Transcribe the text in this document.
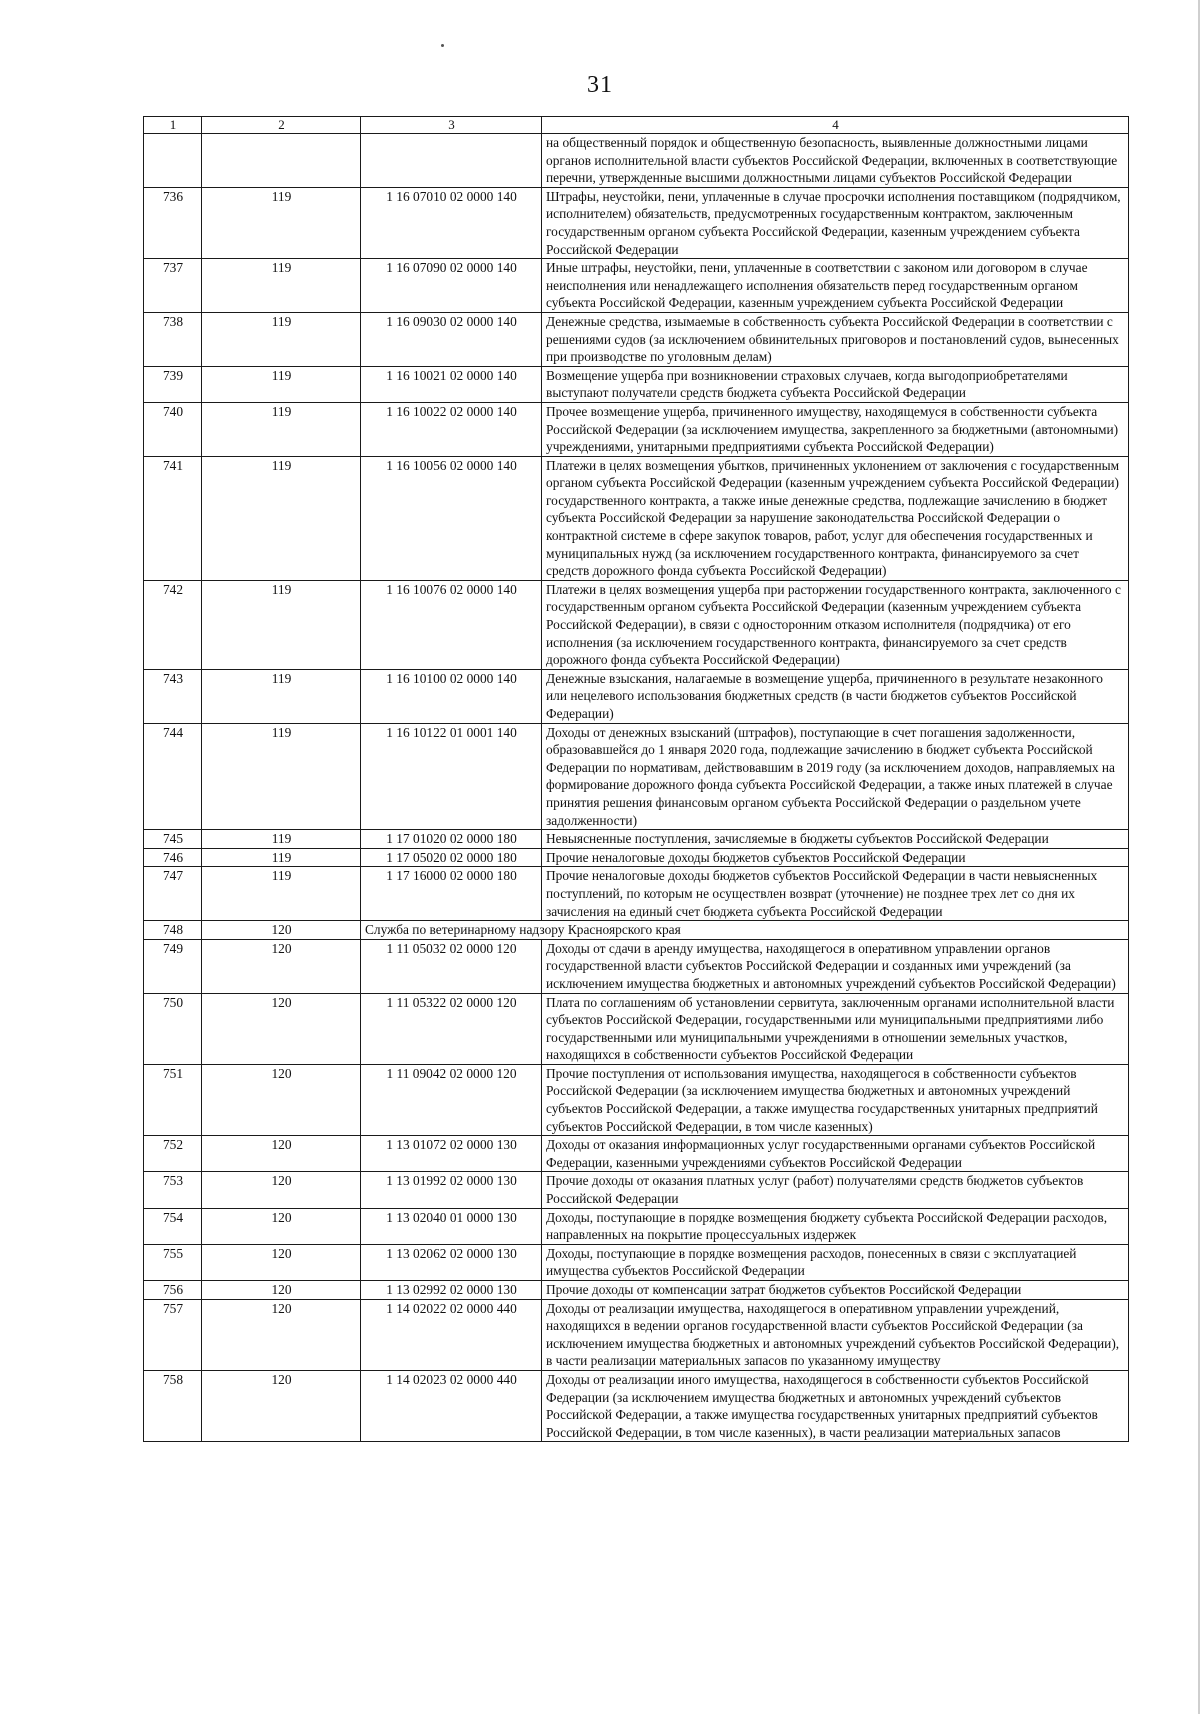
31
1	2	3	4
			на общественный порядок и общественную безопасность, выявленные должностными лицами органов исполнительной власти субъектов Российской Федерации, включенных в соответствующие перечни, утвержденные высшими должностными лицами субъектов Российской Федерации
736	119	1 16 07010 02 0000 140	Штрафы, неустойки, пени, уплаченные в случае просрочки исполнения поставщиком (подрядчиком, исполнителем) обязательств, предусмотренных государственным контрактом, заключенным государственным органом субъекта Российской Федерации, казенным учреждением субъекта Российской Федерации
737	119	1 16 07090 02 0000 140	Иные штрафы, неустойки, пени, уплаченные в соответствии с законом или договором в случае неисполнения или ненадлежащего исполнения обязательств перед государственным органом субъекта Российской Федерации, казенным учреждением субъекта Российской Федерации
738	119	1 16 09030 02 0000 140	Денежные средства, изымаемые в собственность субъекта Российской Федерации в соответствии с решениями судов (за исключением обвинительных приговоров и постановлений судов, вынесенных при производстве по уголовным делам)
739	119	1 16 10021 02 0000 140	Возмещение ущерба при возникновении страховых случаев, когда выгодоприобретателями выступают получатели средств бюджета субъекта Российской Федерации
740	119	1 16 10022 02 0000 140	Прочее возмещение ущерба, причиненного имуществу, находящемуся в собственности субъекта Российской Федерации (за исключением имущества, закрепленного за бюджетными (автономными) учреждениями, унитарными предприятиями субъекта Российской Федерации)
741	119	1 16 10056 02 0000 140	Платежи в целях возмещения убытков, причиненных уклонением от заключения с государственным органом субъекта Российской Федерации (казенным учреждением субъекта Российской Федерации) государственного контракта, а также иные денежные средства, подлежащие зачислению в бюджет субъекта Российской Федерации за нарушение законодательства Российской Федерации о контрактной системе в сфере закупок товаров, работ, услуг для обеспечения государственных и муниципальных нужд (за исключением государственного контракта, финансируемого за счет средств дорожного фонда субъекта Российской Федерации)
742	119	1 16 10076 02 0000 140	Платежи в целях возмещения ущерба при расторжении государственного контракта, заключенного с государственным органом субъекта Российской Федерации (казенным учреждением субъекта Российской Федерации), в связи с односторонним отказом исполнителя (подрядчика) от его исполнения (за исключением государственного контракта, финансируемого за счет средств дорожного фонда субъекта Российской Федерации)
743	119	1 16 10100 02 0000 140	Денежные взыскания, налагаемые в возмещение ущерба, причиненного в результате незаконного или нецелевого использования бюджетных средств (в части бюджетов субъектов Российской Федерации)
744	119	1 16 10122 01 0001 140	Доходы от денежных взысканий (штрафов), поступающие в счет погашения задолженности, образовавшейся до 1 января 2020 года, подлежащие зачислению в бюджет субъекта Российской Федерации по нормативам, действовавшим в 2019 году (за исключением доходов, направляемых на формирование дорожного фонда субъекта Российской Федерации, а также иных платежей в случае принятия решения финансовым органом субъекта Российской Федерации о раздельном учете задолженности)
745	119	1 17 01020 02 0000 180	Невыясненные поступления, зачисляемые в бюджеты субъектов Российской Федерации
746	119	1 17 05020 02 0000 180	Прочие неналоговые доходы бюджетов субъектов Российской Федерации
747	119	1 17 16000 02 0000 180	Прочие неналоговые доходы бюджетов субъектов Российской Федерации в части невыясненных поступлений, по которым не осуществлен возврат (уточнение) не позднее трех лет со дня их зачисления на единый счет бюджета субъекта Российской Федерации
748	120	Служба по ветеринарному надзору Красноярского края	
749	120	1 11 05032 02 0000 120	Доходы от сдачи в аренду имущества, находящегося в оперативном управлении органов государственной власти субъектов Российской Федерации и созданных ими учреждений (за исключением имущества бюджетных и автономных учреждений субъектов Российской Федерации)
750	120	1 11 05322 02 0000 120	Плата по соглашениям об установлении сервитута, заключенным органами исполнительной власти субъектов Российской Федерации, государственными или муниципальными предприятиями либо государственными или муниципальными учреждениями в отношении земельных участков, находящихся в собственности субъектов Российской Федерации
751	120	1 11 09042 02 0000 120	Прочие поступления от использования имущества, находящегося в собственности субъектов Российской Федерации (за исключением имущества бюджетных и автономных учреждений субъектов Российской Федерации, а также имущества государственных унитарных предприятий субъектов Российской Федерации, в том числе казенных)
752	120	1 13 01072 02 0000 130	Доходы от оказания информационных услуг государственными органами субъектов Российской Федерации, казенными учреждениями субъектов Российской Федерации
753	120	1 13 01992 02 0000 130	Прочие доходы от оказания платных услуг (работ) получателями средств бюджетов субъектов Российской Федерации
754	120	1 13 02040 01 0000 130	Доходы, поступающие в порядке возмещения бюджету субъекта Российской Федерации расходов, направленных на покрытие процессуальных издержек
755	120	1 13 02062 02 0000 130	Доходы, поступающие в порядке возмещения расходов, понесенных в связи с эксплуатацией имущества субъектов Российской Федерации
756	120	1 13 02992 02 0000 130	Прочие доходы от компенсации затрат бюджетов субъектов Российской Федерации
757	120	1 14 02022 02 0000 440	Доходы от реализации имущества, находящегося в оперативном управлении учреждений, находящихся в ведении органов государственной власти субъектов Российской Федерации (за исключением имущества бюджетных и автономных учреждений субъектов Российской Федерации), в части реализации материальных запасов по указанному имуществу
758	120	1 14 02023 02 0000 440	Доходы от реализации иного имущества, находящегося в собственности субъектов Российской Федерации (за исключением имущества бюджетных и автономных учреждений субъектов Российской Федерации, а также имущества государственных унитарных предприятий субъектов Российской Федерации, в том числе казенных), в части реализации материальных запасов
